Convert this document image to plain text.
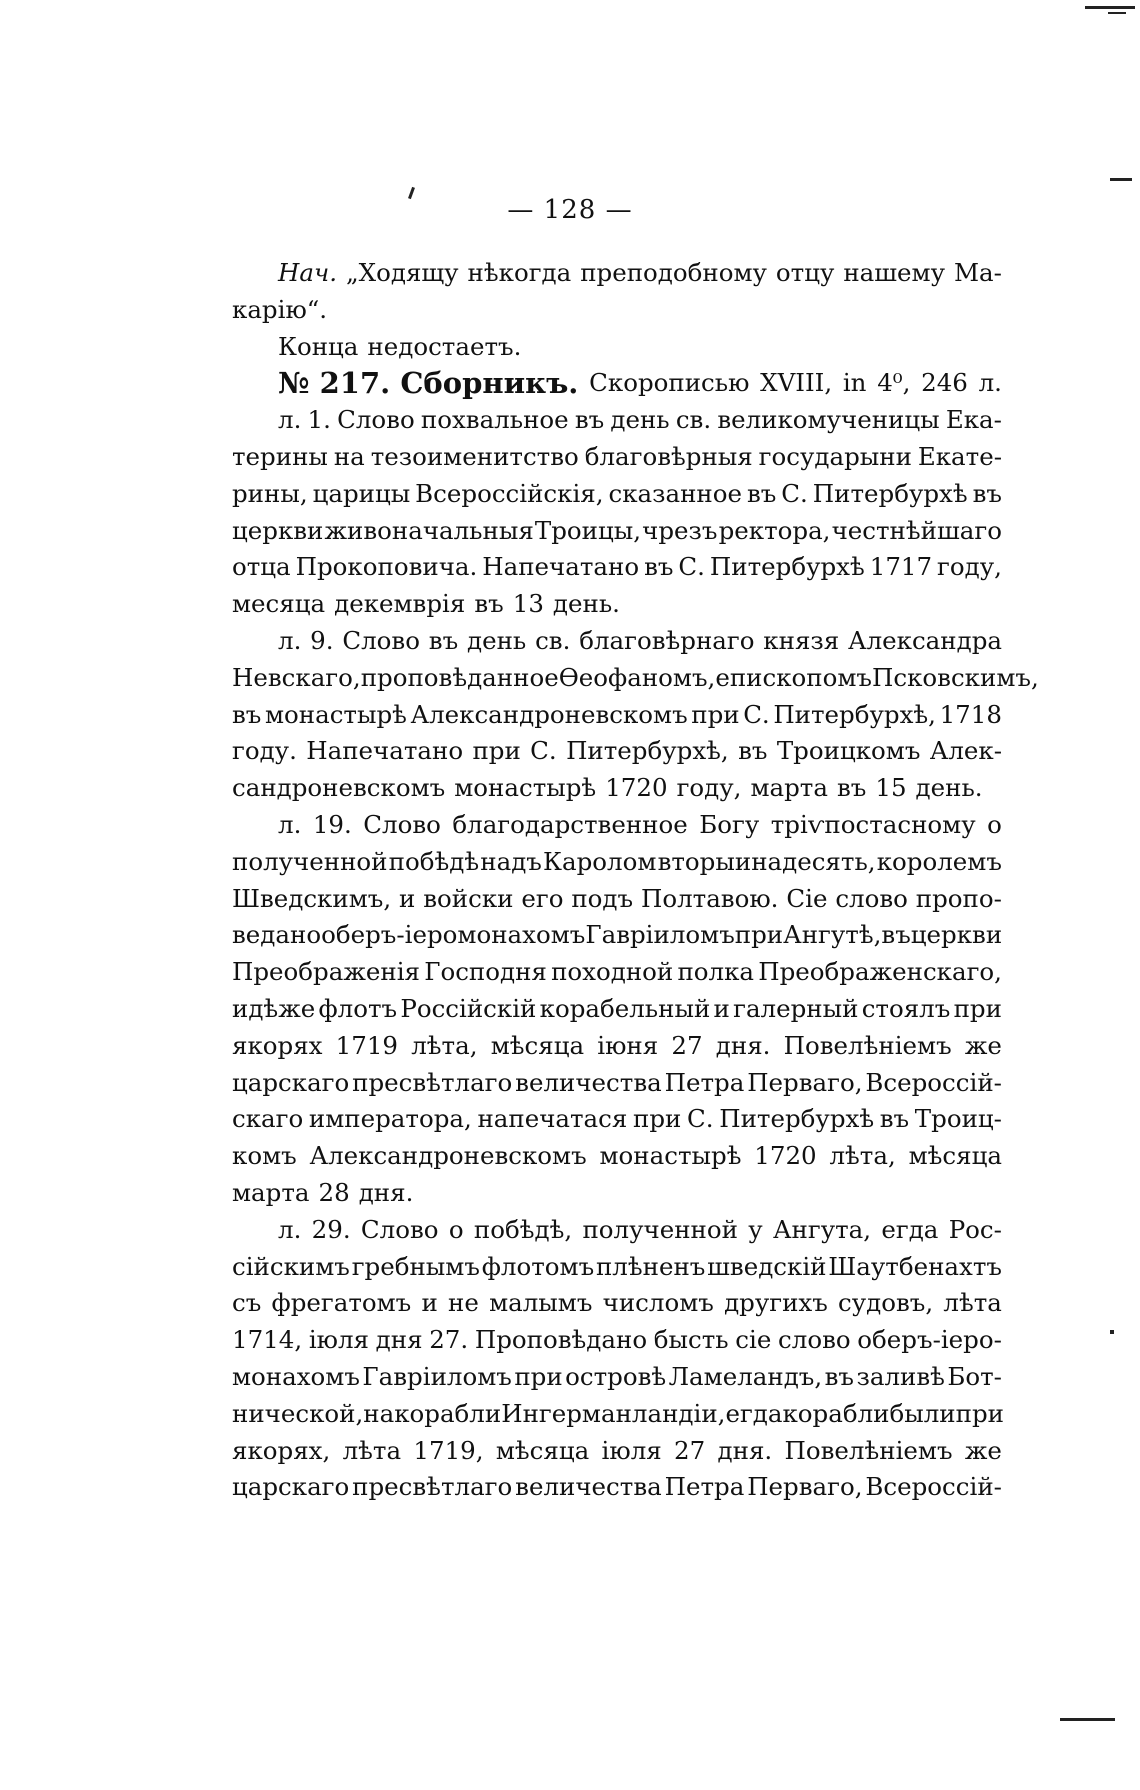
— 128 —
Нач. „Ходящу нѣкогда преподобному отцу нашему Ма-
карію“.
Конца недостаетъ.
№ 217. Сборникъ. Скорописью XVIII, in 4⁰, 246 л.
л. 1. Слово похвальное въ день св. великомученицы Ека-
терины на тезоименитство благовѣрныя государыни Екате-
рины, царицы Всероссійскія, сказанное въ С. Питербурхѣ въ
церкви живоначальныя Троицы, чрезъ ректора, честнѣйшаго
отца Прокоповича. Напечатано въ С. Питербурхѣ 1717 году,
месяца декемврія въ 13 день.
л. 9. Слово въ день св. благовѣрнаго князя Александра
Невскаго, проповѣданное Ѳеофаномъ, епископомъ Псковскимъ,
въ монастырѣ Александроневскомъ при С. Питербурхѣ, 1718
году. Напечатано при С. Питербурхѣ, въ Троицкомъ Алек-
сандроневскомъ монастырѣ 1720 году, марта въ 15 день.
л. 19. Слово благодарственное Богу тріѵпостасному о
полученной побѣдѣ надъ Каролом вторыинадесять, королемъ
Шведскимъ, и войски его подъ Полтавою. Сіе слово пропо-
ведано оберъ-іеромонахомъ Гавріиломъ при Ангутѣ, въ церкви
Преображенія Господня походной полка Преображенскаго,
идѣже флотъ Россійскій корабельный и галерный стоялъ при
якорях 1719 лѣта, мѣсяца іюня 27 дня. Повелѣніемъ же
царскаго пресвѣтлаго величества Петра Перваго, Всероссій-
скаго императора, напечатася при С. Питербурхѣ въ Троиц-
комъ Александроневскомъ монастырѣ 1720 лѣта, мѣсяца
марта 28 дня.
л. 29. Слово о побѣдѣ, полученной у Ангута, егда Рос-
сійскимъ гребнымъ флотомъ плѣненъ шведскій Шаутбенахтъ
съ фрегатомъ и не малымъ числомъ другихъ судовъ, лѣта
1714, іюля дня 27. Проповѣдано бысть сіе слово оберъ-іеро-
монахомъ Гавріиломъ при островѣ Ламеландъ, въ заливѣ Бот-
нической, на корабли Ингерманландіи, егда корабли были при
якорях, лѣта 1719, мѣсяца іюля 27 дня. Повелѣніемъ же
царскаго пресвѣтлаго величества Петра Перваго, Всероссій-
